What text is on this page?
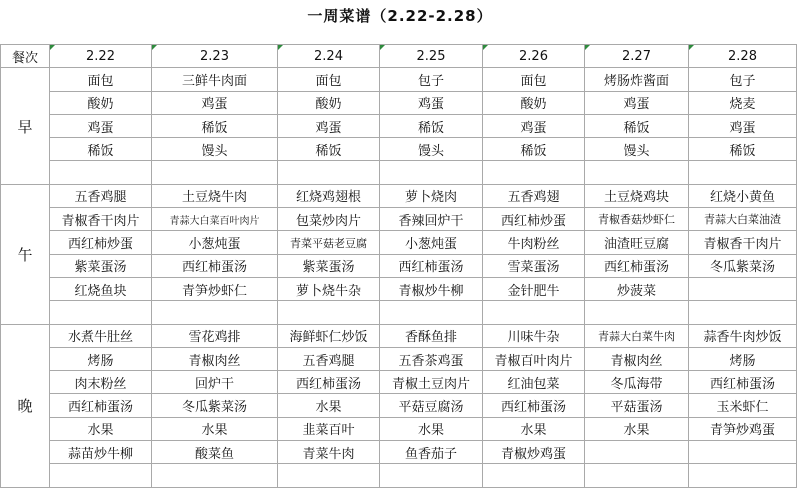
一周菜谱（2.22-2.28）
餐次	2.22	2.23	2.24	2.25	2.26	2.27	2.28
早	面包	三鲜牛肉面	面包	包子	面包	烤肠炸酱面	包子
	酸奶	鸡蛋	酸奶	鸡蛋	酸奶	鸡蛋	烧麦
	鸡蛋	稀饭	鸡蛋	稀饭	鸡蛋	稀饭	鸡蛋
	稀饭	馒头	稀饭	馒头	稀饭	馒头	稀饭

午	五香鸡腿	土豆烧牛肉	红烧鸡翅根	萝卜烧肉	五香鸡翅	土豆烧鸡块	红烧小黄鱼
	青椒香干肉片	青蒜大白菜百叶肉片	包菜炒肉片	香辣回炉干	西红柿炒蛋	青椒香菇炒虾仁	青蒜大白菜油渣
	西红柿炒蛋	小葱炖蛋	青菜平菇老豆腐	小葱炖蛋	牛肉粉丝	油渣旺豆腐	青椒香干肉片
	紫菜蛋汤	西红柿蛋汤	紫菜蛋汤	西红柿蛋汤	雪菜蛋汤	西红柿蛋汤	冬瓜紫菜汤
	红烧鱼块	青笋炒虾仁	萝卜烧牛杂	青椒炒牛柳	金针肥牛	炒菠菜	

晚	水煮牛肚丝	雪花鸡排	海鲜虾仁炒饭	香酥鱼排	川味牛杂	青蒜大白菜牛肉	蒜香牛肉炒饭
	烤肠	青椒肉丝	五香鸡腿	五香茶鸡蛋	青椒百叶肉片	青椒肉丝	烤肠
	肉末粉丝	回炉干	西红柿蛋汤	青椒土豆肉片	红油包菜	冬瓜海带	西红柿蛋汤
	西红柿蛋汤	冬瓜紫菜汤	水果	平菇豆腐汤	西红柿蛋汤	平菇蛋汤	玉米虾仁
	水果	水果	韭菜百叶	水果	水果	水果	青笋炒鸡蛋
	蒜苗炒牛柳	酸菜鱼	青菜牛肉	鱼香茄子	青椒炒鸡蛋		
